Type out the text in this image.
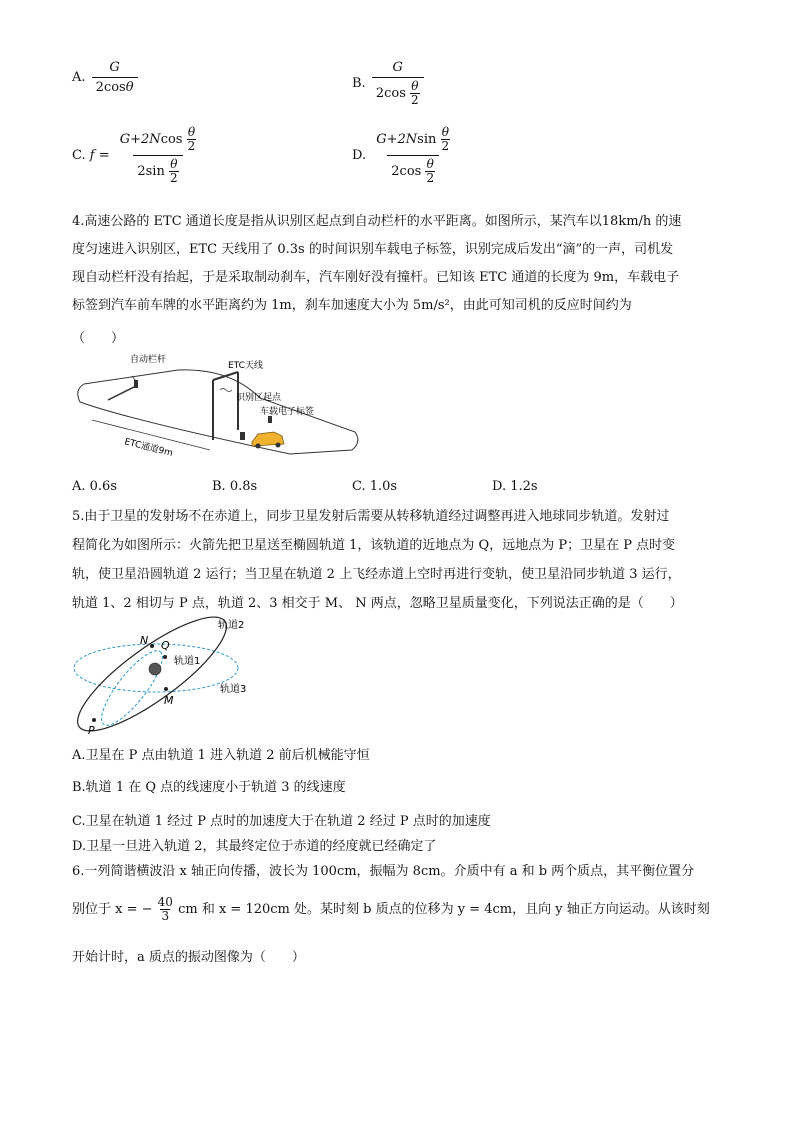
A. $\frac{G}{2\cos\theta}$	B. $\frac{G}{2\cos \frac{\theta}{2}}$
C. $f = \frac{G+2Ncos \frac{\theta}{2}}{2\sin \frac{\theta}{2}}$	D. $\frac{G+2Nsin \frac{\theta}{2}}{2\cos \frac{\theta}{2}}$
4.高速公路的 ETC 通道长度是指从识别区起点到自动栏杆的水平距离。如图所示，某汽车以18km/h 的速
度匀速进入识别区，ETC 天线用了 0.3s 的时间识别车载电子标签，识别完成后发出“滴”的一声，司机发
现自动栏杆没有抬起，于是采取制动刹车，汽车刚好没有撞杆。已知该 ETC 通道的长度为 9m，车载电子
标签到汽车前车牌的水平距离约为 1m，刹车加速度大小为 5m/s²，由此可知司机的反应时间约为
（　　）
自动栏杆
ETC天线
识别区起点
车载电子标签
ETC通道9m
A. 0.6s	B. 0.8s	C. 1.0s	D. 1.2s
5.由于卫星的发射场不在赤道上，同步卫星发射后需要从转移轨道经过调整再进入地球同步轨道。发射过
程简化为如图所示：火箭先把卫星送至椭圆轨道 1，该轨道的近地点为 Q，远地点为 P；卫星在 P 点时变
轨，使卫星沿圆轨道 2 运行；当卫星在轨道 2 上飞经赤道上空时再进行变轨，使卫星沿同步轨道 3 运行，
轨道 1、2 相切与 P 点，轨道 2、3 相交于 M、 N 两点，忽略卫星质量变化，下列说法正确的是（　　）
N Q
M
P
轨道2
轨道1
轨道3
A.卫星在 P 点由轨道 1 进入轨道 2 前后机械能守恒
B.轨道 1 在 Q 点的线速度小于轨道 3 的线速度
C.卫星在轨道 1 经过 P 点时的加速度大于在轨道 2 经过 P 点时的加速度
D.卫星一旦进入轨道 2，其最终定位于赤道的经度就已经确定了
6.一列简谐横波沿 x 轴正向传播，波长为 100cm，振幅为 8cm。介质中有 a 和 b 两个质点，其平衡位置分
别位于 x = − $\frac{40}{3}$ cm 和 x = 120cm 处。某时刻 b 质点的位移为 y = 4cm，且向 y 轴正方向运动。从该时刻
开始计时，a 质点的振动图像为（　　）
